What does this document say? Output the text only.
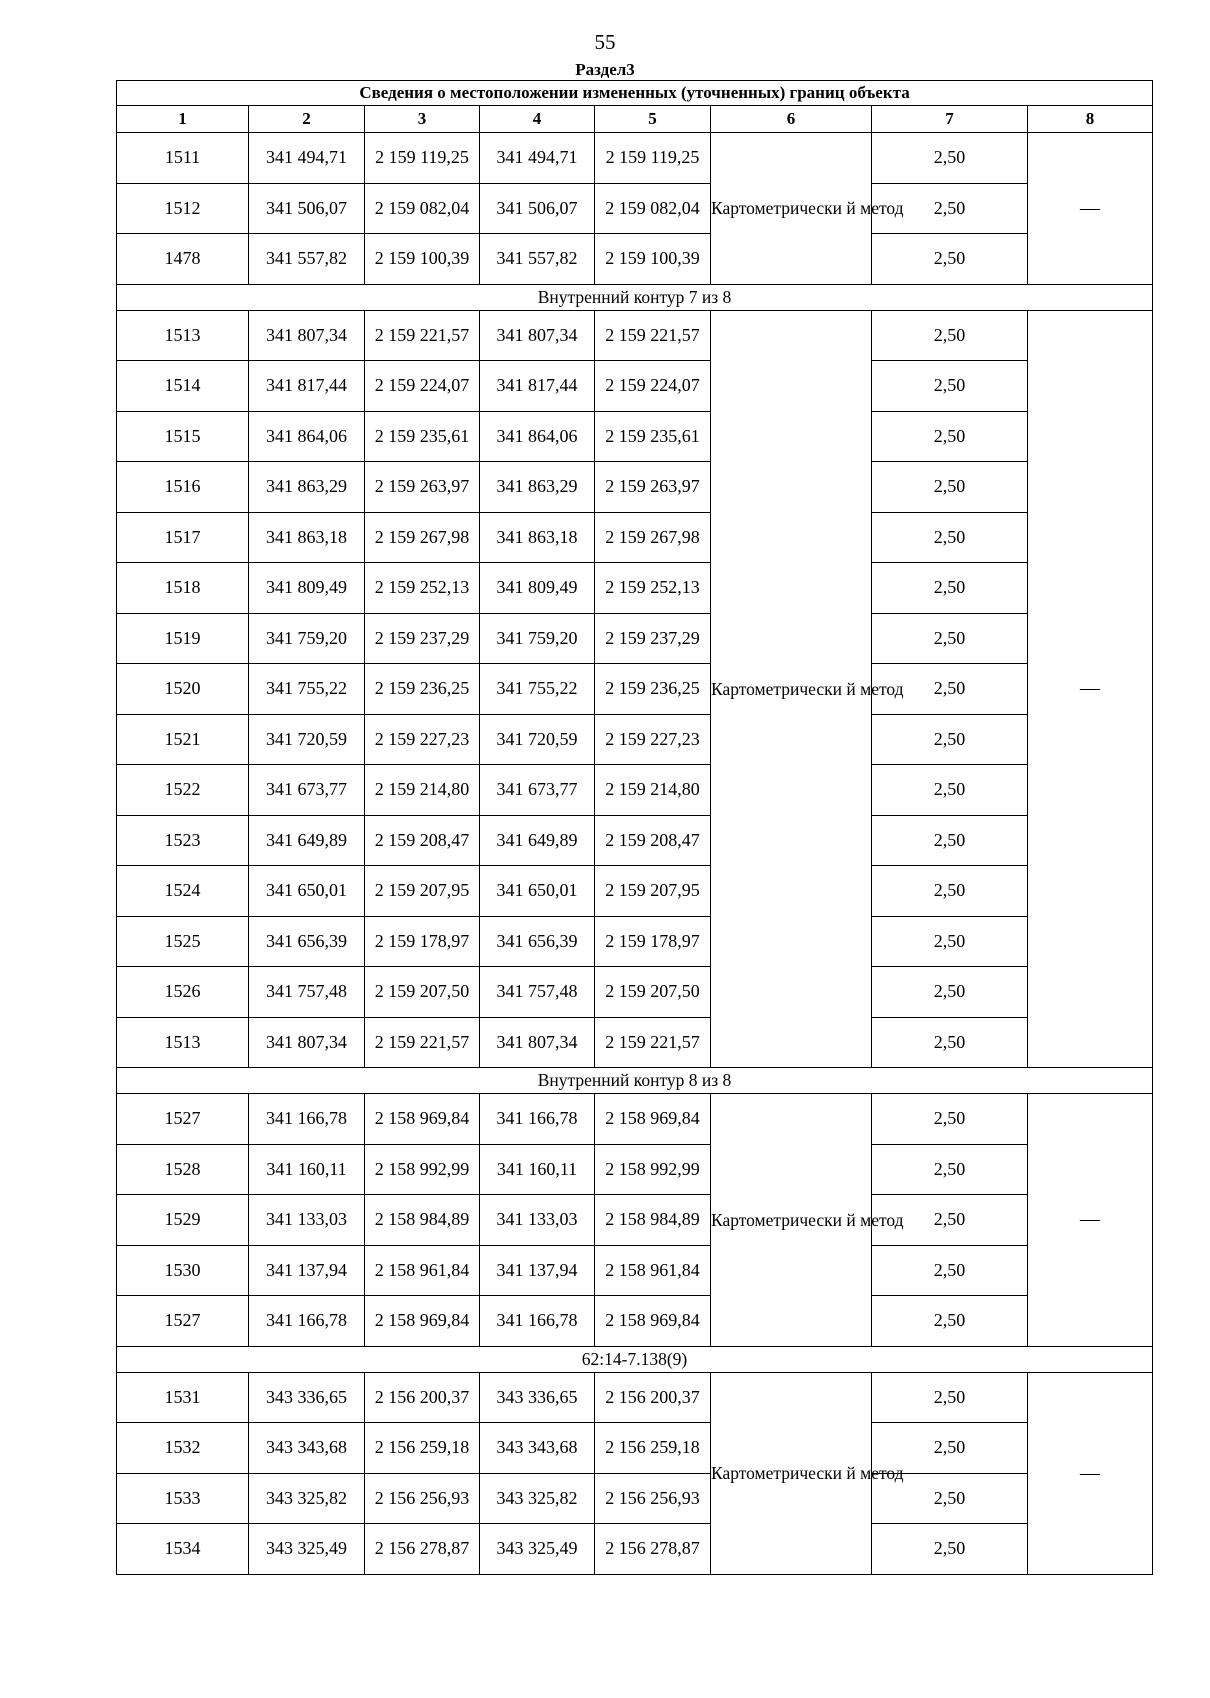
55
Раздел3
Сведения о местоположении измененных (уточненных) границ объекта							
1	2	3	4	5	6	7	8
1511	341 494,71	2 159 119,25	341 494,71	2 159 119,25	Картометрически й метод	2,50	—
1512	341 506,07	2 159 082,04	341 506,07	2 159 082,04		2,50	
1478	341 557,82	2 159 100,39	341 557,82	2 159 100,39		2,50	
Внутренний контур 7 из 8							
1513	341 807,34	2 159 221,57	341 807,34	2 159 221,57	Картометрически й метод	2,50	—
1514	341 817,44	2 159 224,07	341 817,44	2 159 224,07		2,50	
1515	341 864,06	2 159 235,61	341 864,06	2 159 235,61		2,50	
1516	341 863,29	2 159 263,97	341 863,29	2 159 263,97		2,50	
1517	341 863,18	2 159 267,98	341 863,18	2 159 267,98		2,50	
1518	341 809,49	2 159 252,13	341 809,49	2 159 252,13		2,50	
1519	341 759,20	2 159 237,29	341 759,20	2 159 237,29		2,50	
1520	341 755,22	2 159 236,25	341 755,22	2 159 236,25		2,50	
1521	341 720,59	2 159 227,23	341 720,59	2 159 227,23		2,50	
1522	341 673,77	2 159 214,80	341 673,77	2 159 214,80		2,50	
1523	341 649,89	2 159 208,47	341 649,89	2 159 208,47		2,50	
1524	341 650,01	2 159 207,95	341 650,01	2 159 207,95		2,50	
1525	341 656,39	2 159 178,97	341 656,39	2 159 178,97		2,50	
1526	341 757,48	2 159 207,50	341 757,48	2 159 207,50		2,50	
1513	341 807,34	2 159 221,57	341 807,34	2 159 221,57		2,50	
Внутренний контур 8 из 8							
1527	341 166,78	2 158 969,84	341 166,78	2 158 969,84	Картометрически й метод	2,50	—
1528	341 160,11	2 158 992,99	341 160,11	2 158 992,99		2,50	
1529	341 133,03	2 158 984,89	341 133,03	2 158 984,89		2,50	
1530	341 137,94	2 158 961,84	341 137,94	2 158 961,84		2,50	
1527	341 166,78	2 158 969,84	341 166,78	2 158 969,84		2,50	
62:14-7.138(9)							
1531	343 336,65	2 156 200,37	343 336,65	2 156 200,37	Картометрически й метод	2,50	—
1532	343 343,68	2 156 259,18	343 343,68	2 156 259,18		2,50	
1533	343 325,82	2 156 256,93	343 325,82	2 156 256,93		2,50	
1534	343 325,49	2 156 278,87	343 325,49	2 156 278,87		2,50	
